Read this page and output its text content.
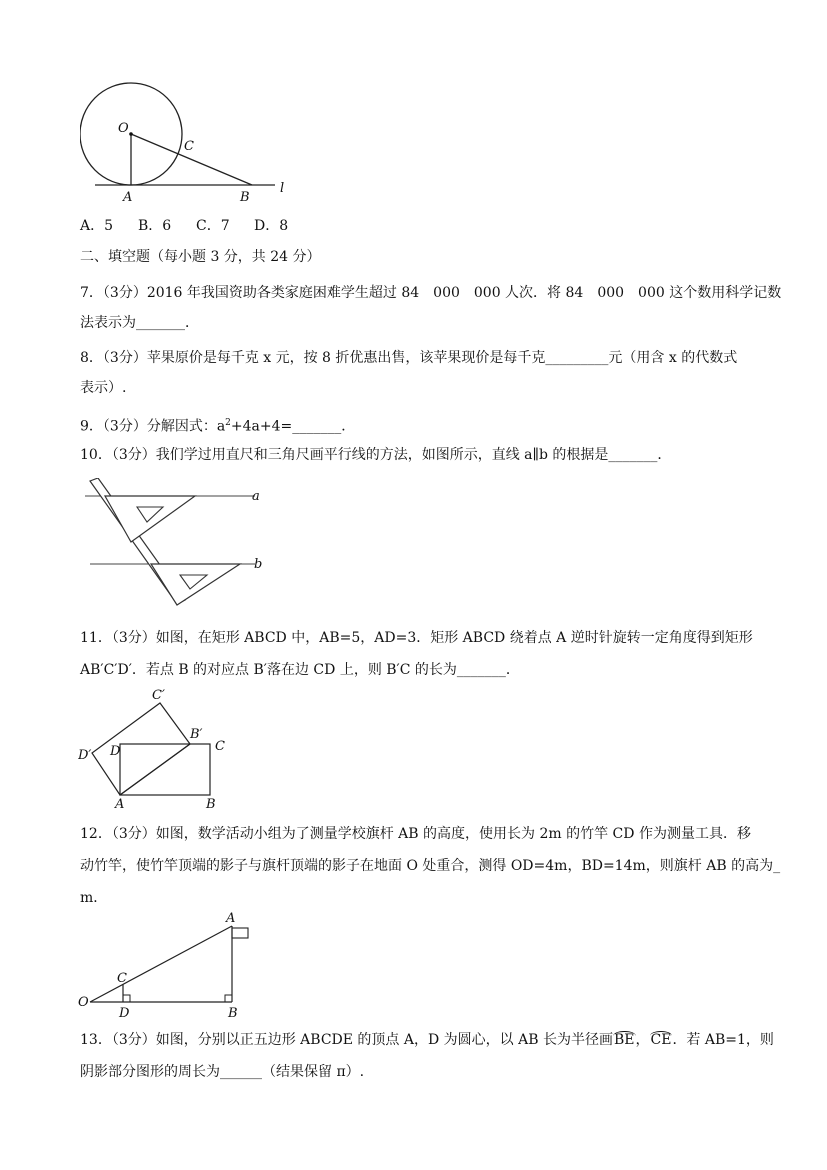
O
C
A	B
l
A．5 B．6 C．7 D．8
二、填空题（每小题 3 分，共 24 分）
7．（3分）2016 年我国资助各类家庭困难学生超过 84　000　000 人次．将 84　000　000 这个数用科学记数
法表示为_______．
8．（3分）苹果原价是每千克 x 元，按 8 折优惠出售，该苹果现价是每千克_________元（用含 x 的代数式
表示）.
9．（3分）分解因式：$a^2+4a+4=\_\_\_\_\_\_\_$．
10．（3分）我们学过用直尺和三角尺画平行线的方法，如图所示，直线 a∥b 的根据是_______．
a
b
11．（3分）如图，在矩形 ABCD 中，AB=5，AD=3．矩形 ABCD 绕着点 A 逆时针旋转一定角度得到矩形
AB′C′D′．若点 B 的对应点 B′落在边 CD 上，则 B′C 的长为_______．
C′
B′
C
D′ D
A	B
12．（3分）如图，数学活动小组为了测量学校旗杆 AB 的高度，使用长为 2m 的竹竿 CD 作为测量工具．移
动竹竿，使竹竿顶端的影子与旗杆顶端的影子在地面 O 处重合，测得 OD=4m，BD=14m，则旗杆 AB 的高为_
m．
A
C
O
D	B
13．（3分）如图，分别以正五边形 ABCDE 的顶点 A，D 为圆心，以 AB 长为半径画BE，CE．若 AB=1，则
阴影部分图形的周长为______（结果保留 π）.
